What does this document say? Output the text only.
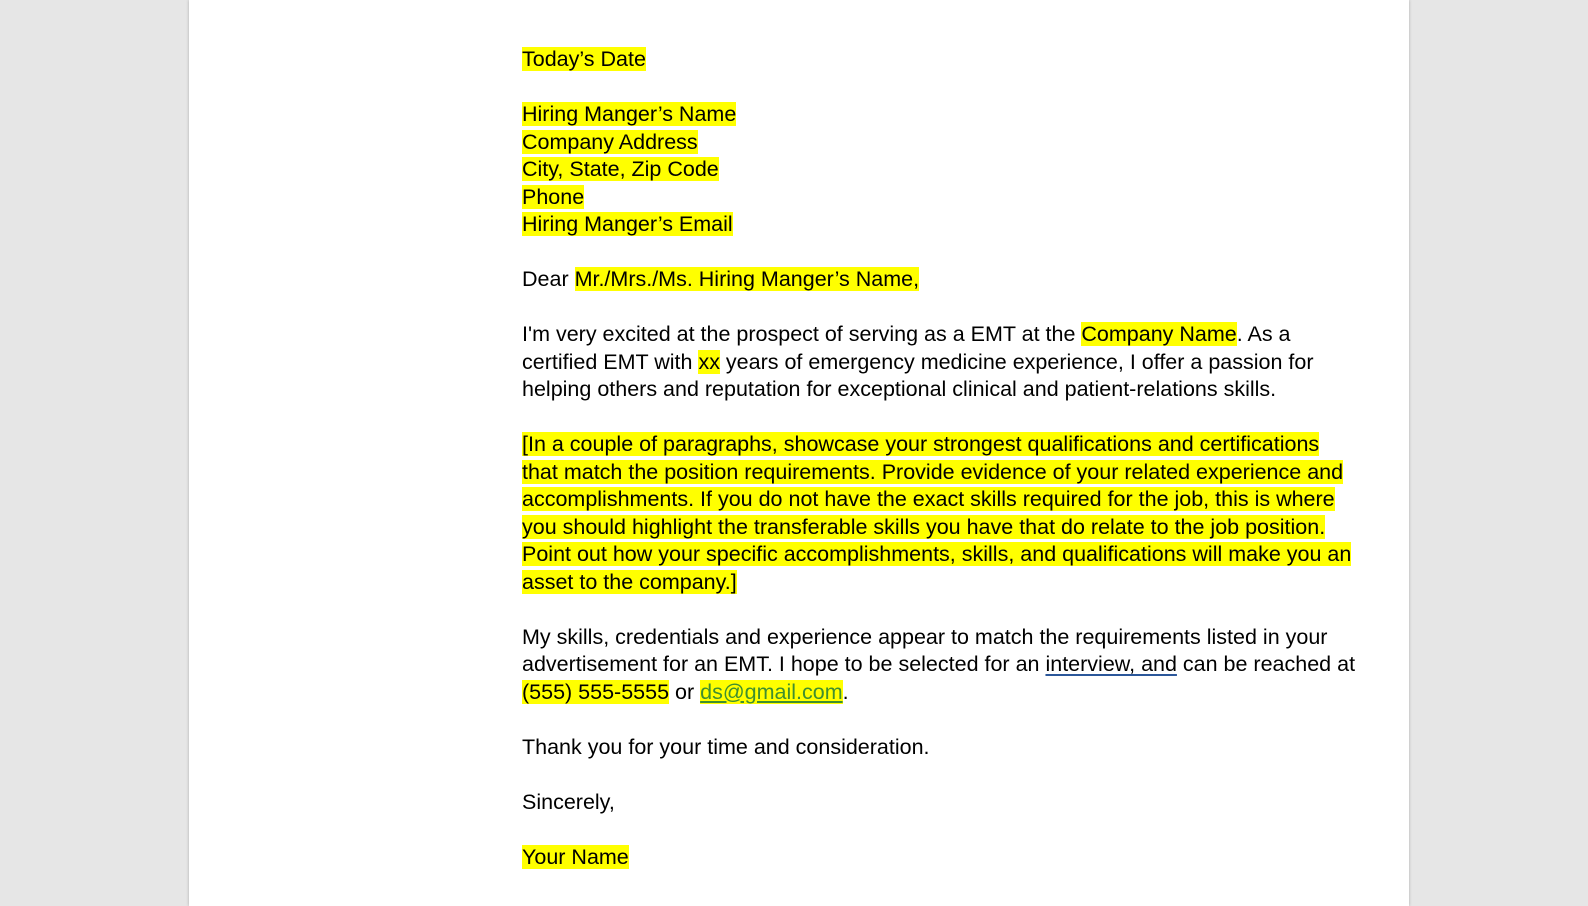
Today’s Date
Hiring Manger’s Name
Company Address
City, State, Zip Code
Phone
Hiring Manger’s Email
Dear Mr./Mrs./Ms. Hiring Manger’s Name,
I'm very excited at the prospect of serving as a EMT at the Company Name. As a
certified EMT with xx years of emergency medicine experience, I offer a passion for
helping others and reputation for exceptional clinical and patient-relations skills.
[In a couple of paragraphs, showcase your strongest qualifications and certifications
that match the position requirements. Provide evidence of your related experience and
accomplishments. If you do not have the exact skills required for the job, this is where
you should highlight the transferable skills you have that do relate to the job position.
Point out how your specific accomplishments, skills, and qualifications will make you an
asset to the company.]
My skills, credentials and experience appear to match the requirements listed in your
advertisement for an EMT. I hope to be selected for an interview, and can be reached at
(555) 555-5555 or ds@gmail.com.
Thank you for your time and consideration.
Sincerely,
Your Name
